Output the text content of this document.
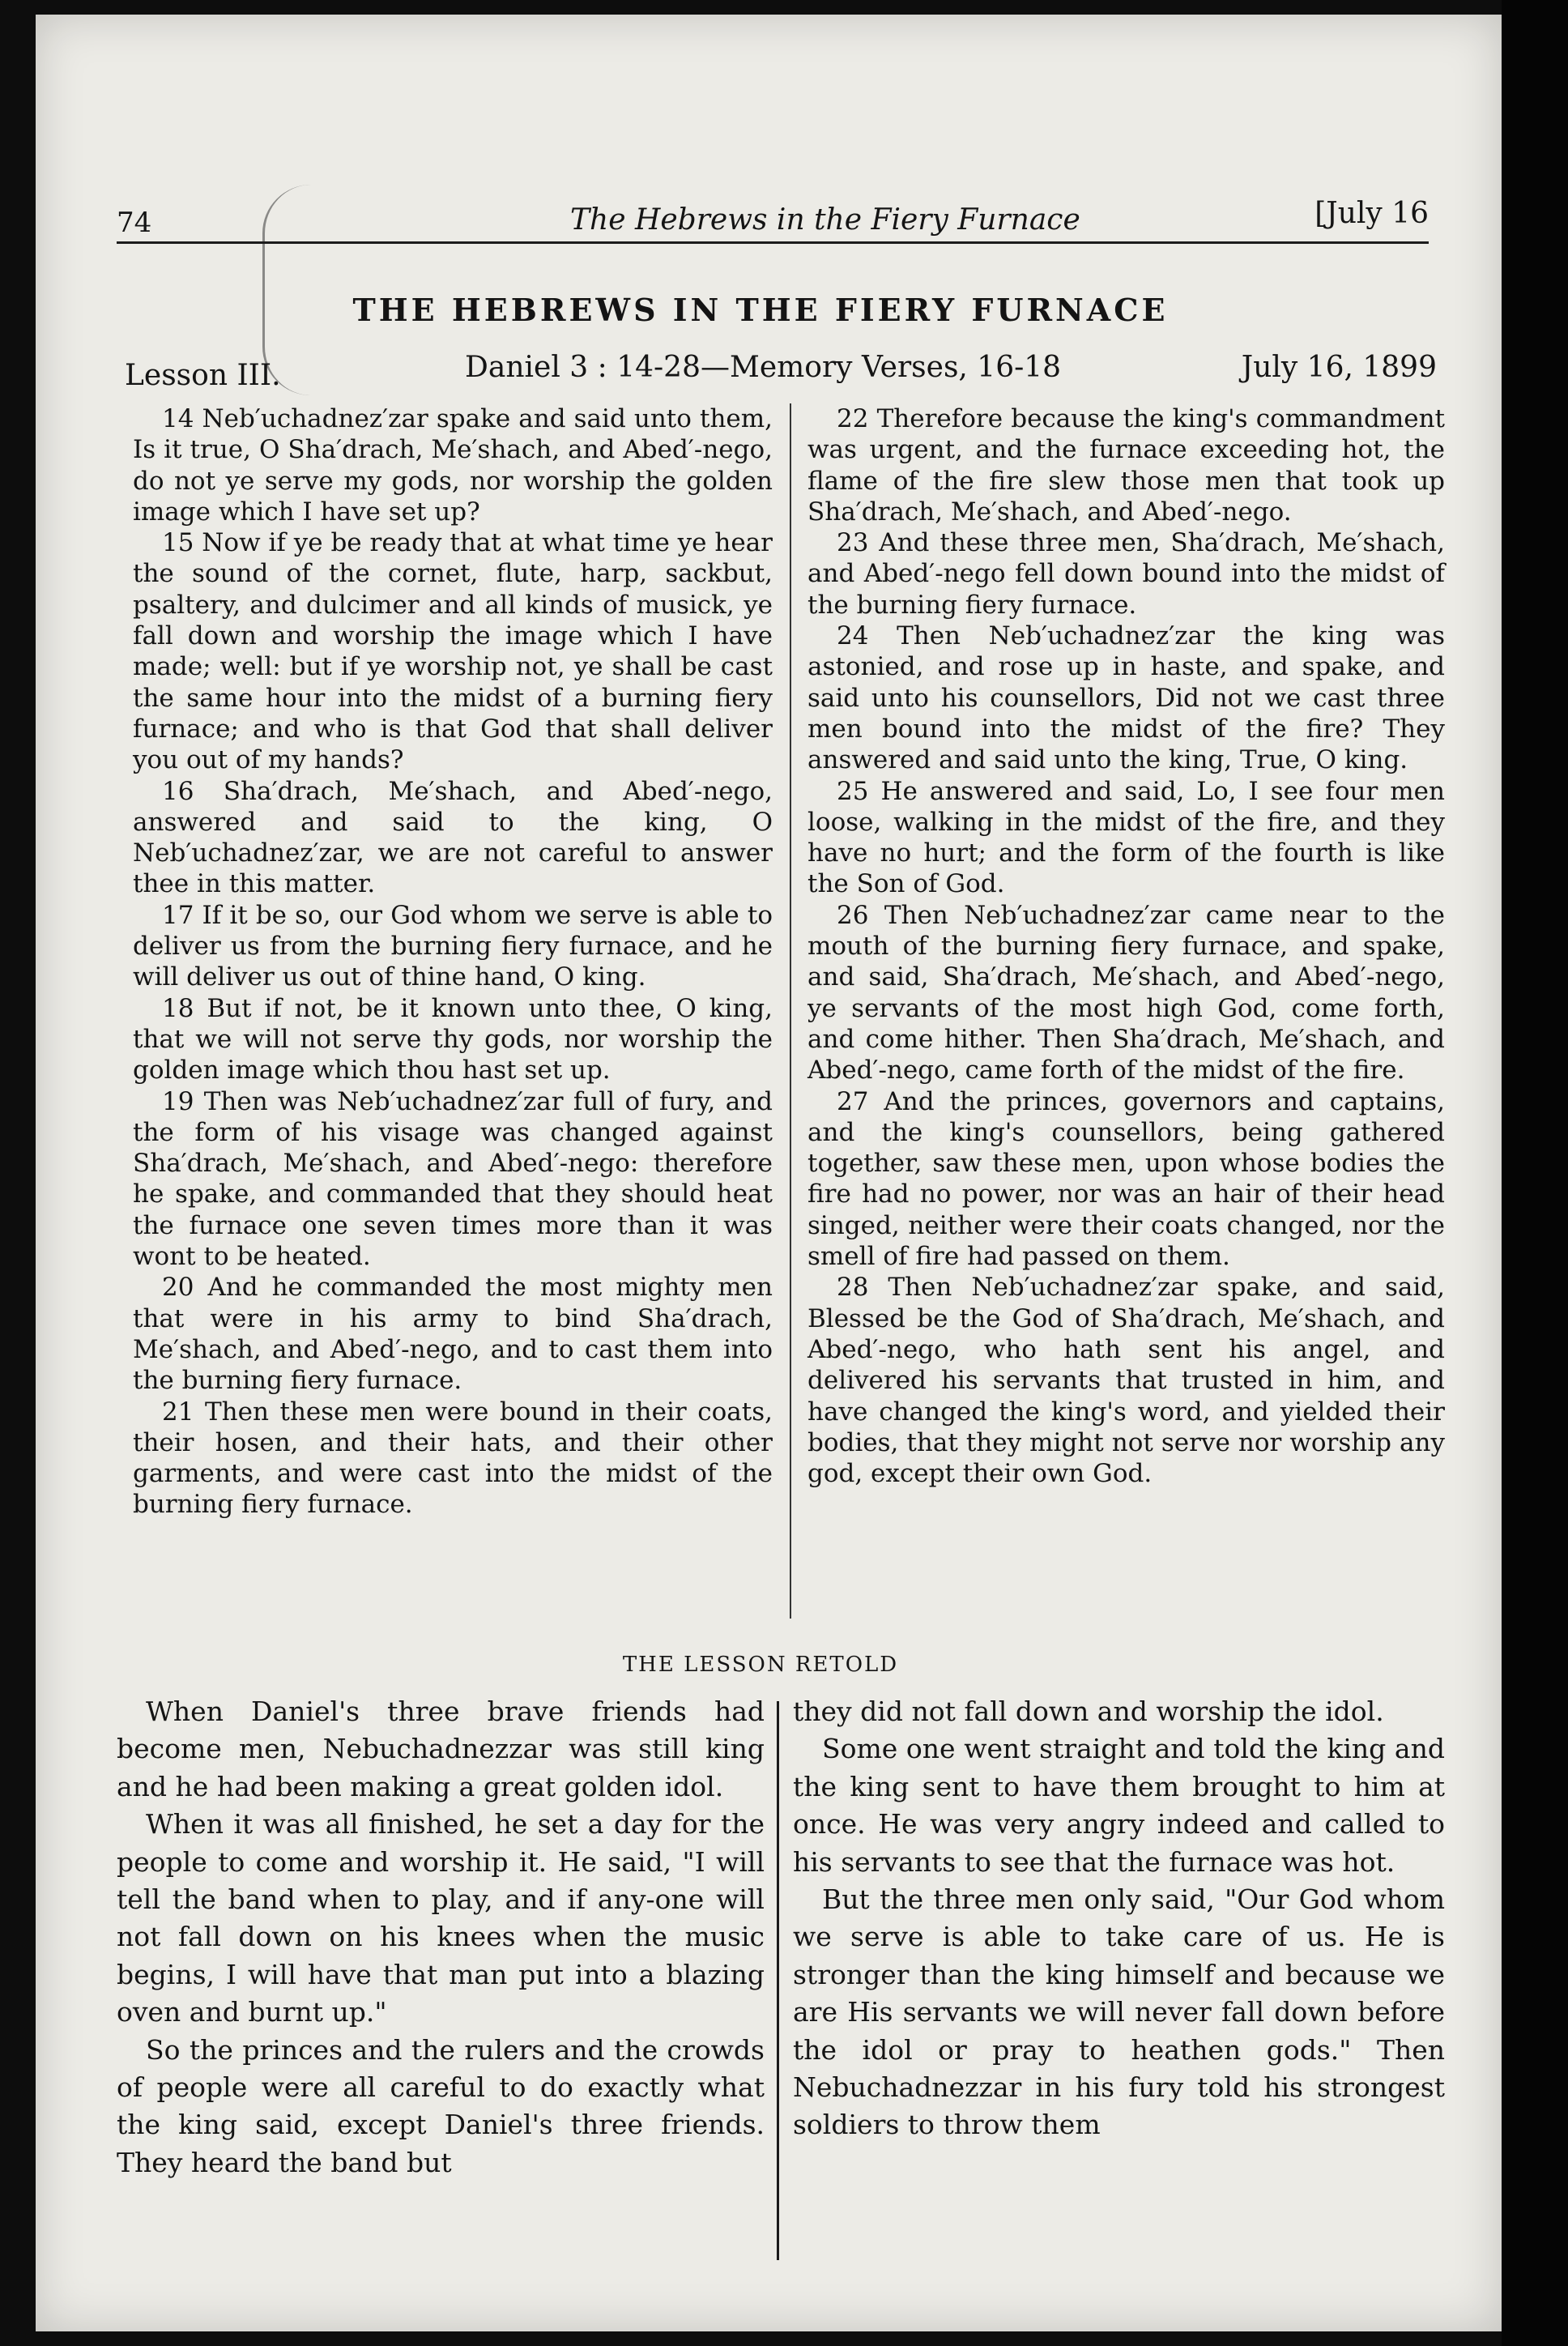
74	The Hebrews in the Fiery Furnace	[July 16
THE HEBREWS IN THE FIERY FURNACE
Lesson III.	Daniel 3 : 14-28—Memory Verses, 16-18	July 16, 1899

14 Neb′uchadnez′zar spake and said unto them, Is it true, O Sha′drach, Me′shach, and Abed′-nego, do not ye serve my gods, nor worship the golden image which I have set up?

15 Now if ye be ready that at what time ye hear the sound of the cornet, flute, harp, sackbut, psaltery, and dulcimer and all kinds of musick, ye fall down and worship the image which I have made; well: but if ye worship not, ye shall be cast the same hour into the midst of a burning fiery furnace; and who is that God that shall deliver you out of my hands?

16 Sha′drach, Me′shach, and Abed′-nego, answered and said to the king, O Neb′uchadnez′zar, we are not careful to answer thee in this matter.

17 If it be so, our God whom we serve is able to deliver us from the burning fiery furnace, and he will deliver us out of thine hand, O king.

18 But if not, be it known unto thee, O king, that we will not serve thy gods, nor worship the golden image which thou hast set up.

19 Then was Neb′uchadnez′zar full of fury, and the form of his visage was changed against Sha′drach, Me′shach, and Abed′-nego: therefore he spake, and commanded that they should heat the furnace one seven times more than it was wont to be heated.

20 And he commanded the most mighty men that were in his army to bind Sha′drach, Me′shach, and Abed′-nego, and to cast them into the burning fiery furnace.

21 Then these men were bound in their coats, their hosen, and their hats, and their other garments, and were cast into the midst of the burning fiery furnace.

22 Therefore because the king's commandment was urgent, and the furnace exceeding hot, the flame of the fire slew those men that took up Sha′drach, Me′shach, and Abed′-nego.

23 And these three men, Sha′drach, Me′shach, and Abed′-nego fell down bound into the midst of the burning fiery furnace.

24 Then Neb′uchadnez′zar the king was astonied, and rose up in haste, and spake, and said unto his counsellors, Did not we cast three men bound into the midst of the fire? They answered and said unto the king, True, O king.

25 He answered and said, Lo, I see four men loose, walking in the midst of the fire, and they have no hurt; and the form of the fourth is like the Son of God.

26 Then Neb′uchadnez′zar came near to the mouth of the burning fiery furnace, and spake, and said, Sha′drach, Me′shach, and Abed′-nego, ye servants of the most high God, come forth, and come hither. Then Sha′drach, Me′shach, and Abed′-nego, came forth of the midst of the fire.

27 And the princes, governors and captains, and the king's counsellors, being gathered together, saw these men, upon whose bodies the fire had no power, nor was an hair of their head singed, neither were their coats changed, nor the smell of fire had passed on them.

28 Then Neb′uchadnez′zar spake, and said, Blessed be the God of Sha′drach, Me′shach, and Abed′-nego, who hath sent his angel, and delivered his servants that trusted in him, and have changed the king's word, and yielded their bodies, that they might not serve nor worship any god, except their own God.

THE LESSON RETOLD

When Daniel's three brave friends had become men, Nebuchadnezzar was still king and he had been making a great golden idol.

When it was all finished, he set a day for the people to come and worship it. He said, "I will tell the band when to play, and if any-one will not fall down on his knees when the music begins, I will have that man put into a blazing oven and burnt up."

So the princes and the rulers and the crowds of people were all careful to do exactly what the king said, except Daniel's three friends. They heard the band but

they did not fall down and worship the idol.

Some one went straight and told the king and the king sent to have them brought to him at once. He was very angry indeed and called to his servants to see that the furnace was hot.

But the three men only said, "Our God whom we serve is able to take care of us. He is stronger than the king himself and because we are His servants we will never fall down before the idol or pray to heathen gods." Then Nebuchadnezzar in his fury told his strongest soldiers to throw them
